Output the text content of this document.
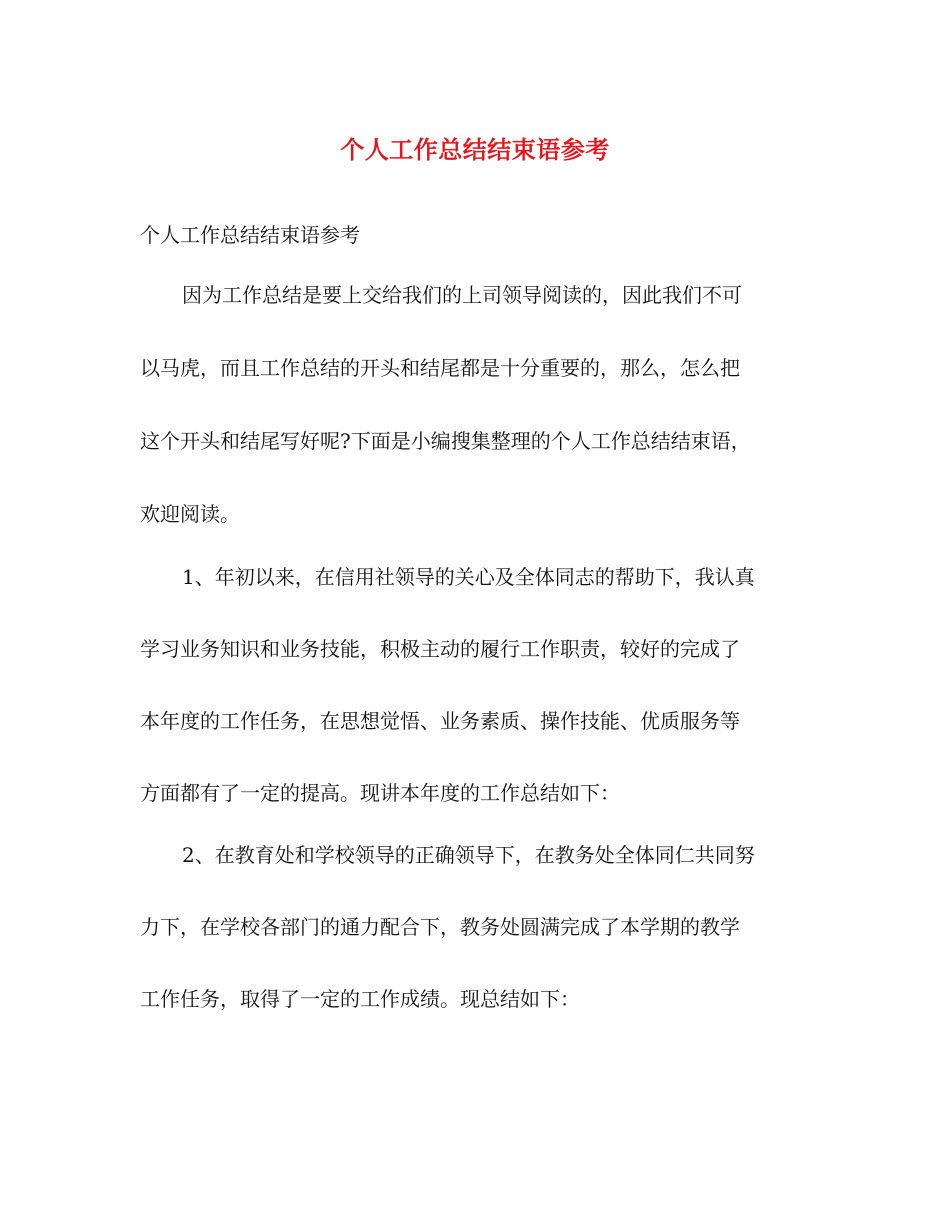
个人工作总结结束语参考
个人工作总结结束语参考
因为工作总结是要上交给我们的上司领导阅读的，因此我们不可
以马虎，而且工作总结的开头和结尾都是十分重要的，那么，怎么把
这个开头和结尾写好呢?下面是小编搜集整理的个人工作总结结束语，
欢迎阅读。
1、年初以来，在信用社领导的关心及全体同志的帮助下，我认真
学习业务知识和业务技能，积极主动的履行工作职责，较好的完成了
本年度的工作任务，在思想觉悟、业务素质、操作技能、优质服务等
方面都有了一定的提高。现讲本年度的工作总结如下：
2、在教育处和学校领导的正确领导下，在教务处全体同仁共同努
力下，在学校各部门的通力配合下，教务处圆满完成了本学期的教学
工作任务，取得了一定的工作成绩。现总结如下：
